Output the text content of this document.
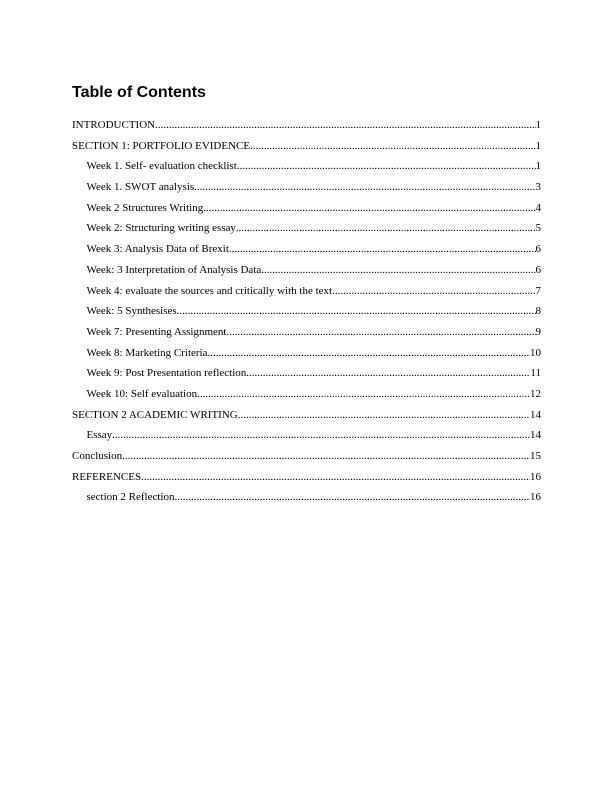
Table of Contents
INTRODUCTION .....	1
SECTION 1: PORTFOLIO EVIDENCE .....	1
Week 1. Self- evaluation checklist .....	1
Week 1. SWOT analysis .....	3
Week 2 Structures Writing .....	4
Week 2: Structuring writing essay .....	5
Week 3: Analysis Data of Brexit .....	6
Week: 3 Interpretation of Analysis Data .....	6
Week 4: evaluate the sources and critically with the text. .....	7
Week: 5 Synthesises .....	8
Week 7: Presenting Assignment .....	9
Week 8: Marketing Criteria .....	10
Week 9: Post Presentation reflection .....	11
Week 10: Self evaluation .....	12
SECTION 2 ACADEMIC WRITING .....	14
Essay .....	14
Conclusion .....	15
REFERENCES .....	16
section 2 Reflection .....	16
